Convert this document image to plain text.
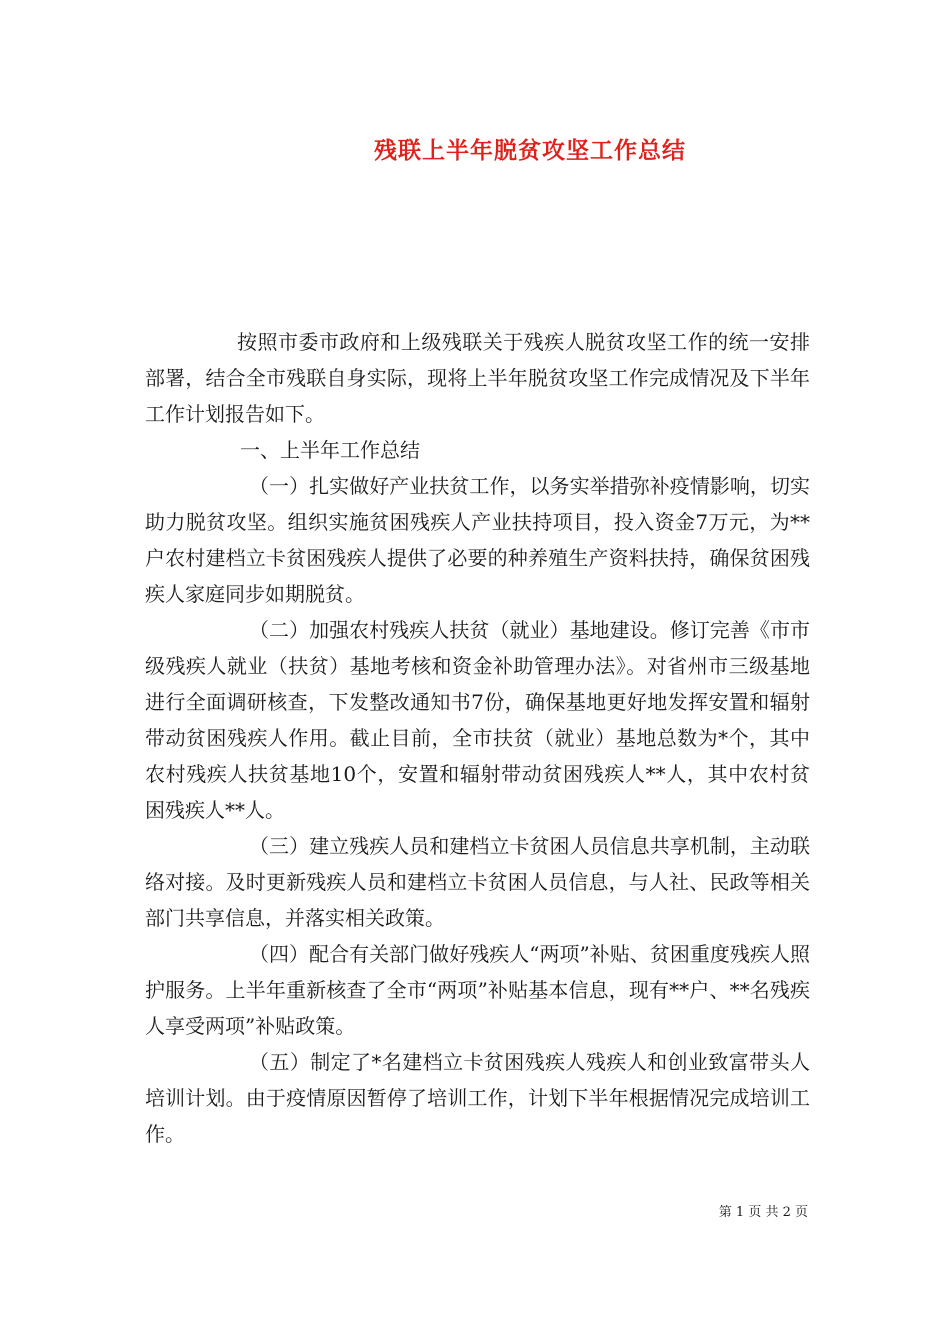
残联上半年脱贫攻坚工作总结

按照市委市政府和上级残联关于残疾人脱贫攻坚工作的统一安排部署，结合全市残联自身实际，现将上半年脱贫攻坚工作完成情况及下半年工作计划报告如下。

一、上半年工作总结

（一）扎实做好产业扶贫工作，以务实举措弥补疫情影响，切实助力脱贫攻坚。组织实施贫困残疾人产业扶持项目，投入资金7万元，为**户农村建档立卡贫困残疾人提供了必要的种养殖生产资料扶持，确保贫困残疾人家庭同步如期脱贫。

（二）加强农村残疾人扶贫（就业）基地建设。修订完善《市市级残疾人就业（扶贫）基地考核和资金补助管理办法》。对省州市三级基地进行全面调研核查，下发整改通知书7份，确保基地更好地发挥安置和辐射带动贫困残疾人作用。截止目前，全市扶贫（就业）基地总数为*个，其中农村残疾人扶贫基地10个，安置和辐射带动贫困残疾人**人，其中农村贫困残疾人**人。

（三）建立残疾人员和建档立卡贫困人员信息共享机制，主动联络对接。及时更新残疾人员和建档立卡贫困人员信息，与人社、民政等相关部门共享信息，并落实相关政策。

（四）配合有关部门做好残疾人“两项”补贴、贫困重度残疾人照护服务。上半年重新核查了全市“两项”补贴基本信息，现有**户、**名残疾人享受两项”补贴政策。

（五）制定了*名建档立卡贫困残疾人残疾人和创业致富带头人培训计划。由于疫情原因暂停了培训工作，计划下半年根据情况完成培训工作。

第 1 页 共 2 页
